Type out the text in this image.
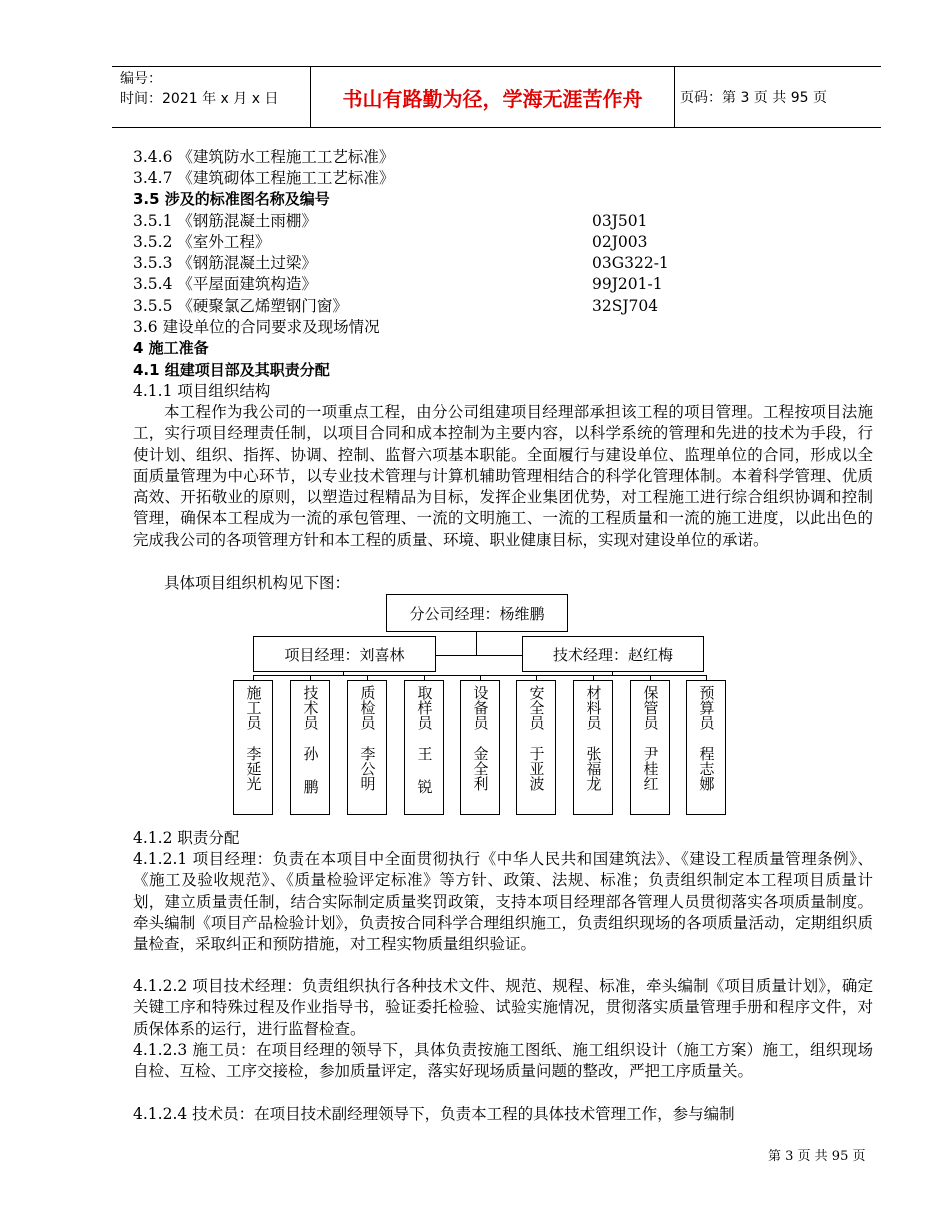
编号：
时间：2021 年 x 月 x 日	书山有路勤为径，学海无涯苦作舟	页码：第 3 页 共 95 页
3.4.6 《建筑防水工程施工工艺标准》
3.4.7 《建筑砌体工程施工工艺标准》
3.5 涉及的标准图名称及编号
3.5.1 《钢筋混凝土雨棚》	03J501
3.5.2 《室外工程》	02J003
3.5.3 《钢筋混凝土过梁》	03G322-1
3.5.4 《平屋面建筑构造》	99J201-1
3.5.5 《硬聚氯乙烯塑钢门窗》	32SJ704
3.6 建设单位的合同要求及现场情况
4 施工准备
4.1 组建项目部及其职责分配
4.1.1 项目组织结构
本工程作为我公司的一项重点工程，由分公司组建项目经理部承担该工程的项目管理。工程按项目法施工，实行项目经理责任制，以项目合同和成本控制为主要内容，以科学系统的管理和先进的技术为手段，行使计划、组织、指挥、协调、控制、监督六项基本职能。全面履行与建设单位、监理单位的合同，形成以全面质量管理为中心环节，以专业技术管理与计算机辅助管理相结合的科学化管理体制。本着科学管理、优质高效、开拓敬业的原则，以塑造过程精品为目标，发挥企业集团优势，对工程施工进行综合组织协调和控制管理，确保本工程成为一流的承包管理、一流的文明施工、一流的工程质量和一流的施工进度，以此出色的完成我公司的各项管理方针和本工程的质量、环境、职业健康目标，实现对建设单位的承诺。
具体项目组织机构见下图：
分公司经理：杨维鹏
项目经理：刘喜林	技术经理：赵红梅
施工员
李延光
技术员
孙 鹏
质检员
李公明
取样员
王 锐
设备员
金全利
安全员
于亚波
材料员
张福龙
保管员
尹桂红
预算员
程志娜
4.1.2 职责分配
4.1.2.1 项目经理：负责在本项目中全面贯彻执行《中华人民共和国建筑法》、《建设工程质量管理条例》、《施工及验收规范》、《质量检验评定标准》等方针、政策、法规、标准；负责组织制定本工程项目质量计划，建立质量责任制，结合实际制定质量奖罚政策，支持本项目经理部各管理人员贯彻落实各项质量制度。牵头编制《项目产品检验计划》，负责按合同科学合理组织施工，负责组织现场的各项质量活动，定期组织质量检查，采取纠正和预防措施，对工程实物质量组织验证。
4.1.2.2 项目技术经理：负责组织执行各种技术文件、规范、规程、标准，牵头编制《项目质量计划》，确定关键工序和特殊过程及作业指导书，验证委托检验、试验实施情况，贯彻落实质量管理手册和程序文件，对质保体系的运行，进行监督检查。
4.1.2.3 施工员：在项目经理的领导下，具体负责按施工图纸、施工组织设计（施工方案）施工，组织现场自检、互检、工序交接检，参加质量评定，落实好现场质量问题的整改，严把工序质量关。
4.1.2.4 技术员：在项目技术副经理领导下，负责本工程的具体技术管理工作，参与编制
第 3 页 共 95 页
